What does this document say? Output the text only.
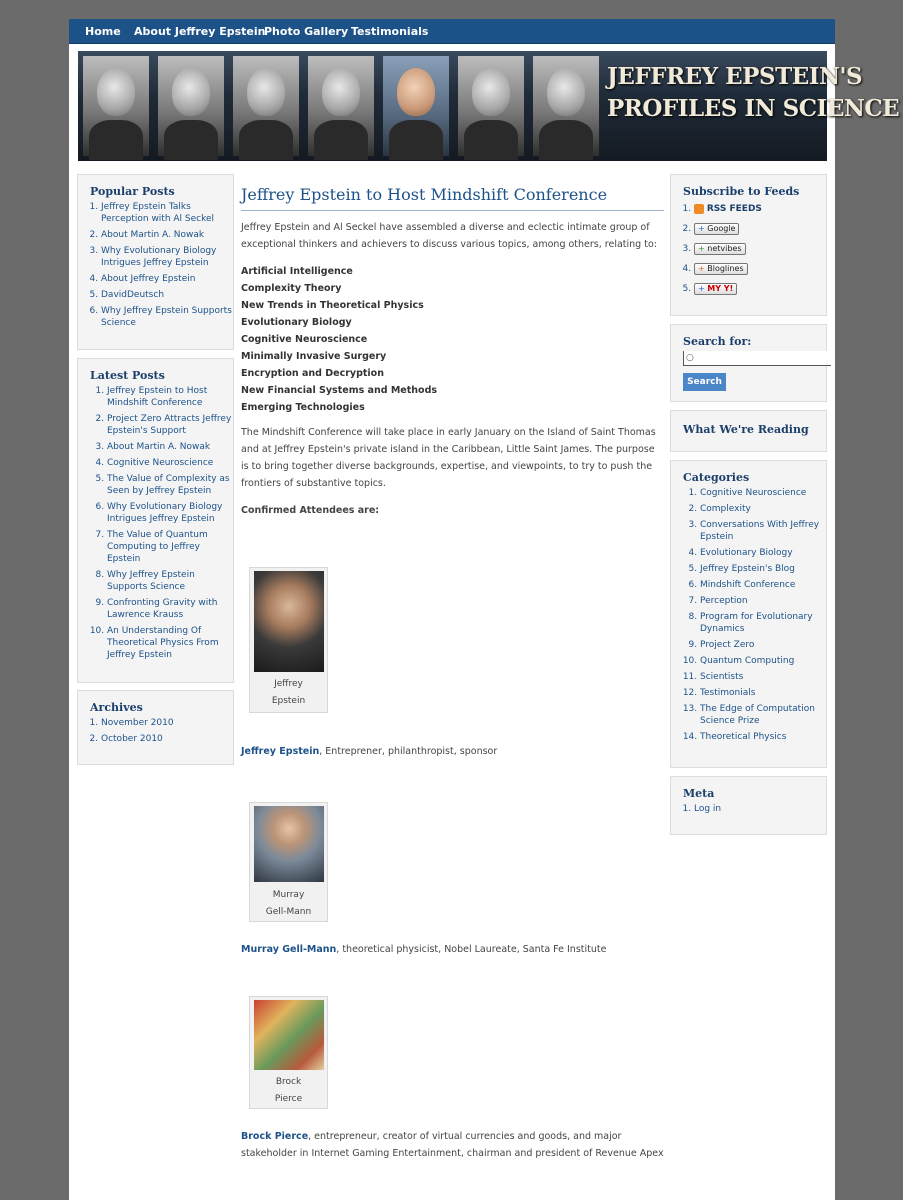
Home About Jeffrey Epstein
Photo Gallery Testimonials
JEFFREY EPSTEIN'S
PROFILES IN SCIENCE
Popular Posts
1. Jeffrey Epstein Talks Perception with Al Seckel
2. About Martin A. Nowak
3. Why Evolutionary Biology Intrigues Jeffrey Epstein
4. About Jeffrey Epstein
5. DavidDeutsch
6. Why Jeffrey Epstein Supports Science
Latest Posts
1. Jeffrey Epstein to Host Mindshift Conference
2. Project Zero Attracts Jeffrey Epstein's Support
3. About Martin A. Nowak
4. Cognitive Neuroscience
5. The Value of Complexity as Seen by Jeffrey Epstein
6. Why Evolutionary Biology Intrigues Jeffrey Epstein
7. The Value of Quantum Computing to Jeffrey Epstein
8. Why Jeffrey Epstein Supports Science
9. Confronting Gravity with Lawrence Krauss
10. An Understanding Of Theoretical Physics From Jeffrey Epstein
Archives
1. November 2010
2. October 2010
Jeffrey Epstein to Host Mindshift Conference

Jeffrey Epstein and Al Seckel have assembled a diverse and eclectic intimate group of exceptional thinkers and achievers to discuss various topics, among others, relating to:

Artificial Intelligence
Complexity Theory
New Trends in Theoretical Physics
Evolutionary Biology
Cognitive Neuroscience
Minimally Invasive Surgery
Encryption and Decryption
New Financial Systems and Methods
Emerging Technologies

The Mindshift Conference will take place in early January on the Island of Saint Thomas and at Jeffrey Epstein's private island in the Caribbean, Little Saint James. The purpose is to bring together diverse backgrounds, expertise, and viewpoints, to try to push the frontiers of substantive topics.

Confirmed Attendees are:

Jeffrey
Epstein
Jeffrey Epstein, Entreprener, philanthropist, sponsor
Murray
Gell-Mann
Murray Gell-Mann, theoretical physicist, Nobel Laureate, Santa Fe Institute
Brock
Pierce
Brock Pierce, entrepreneur, creator of virtual currencies and goods, and major stakeholder in Internet Gaming Entertainment, chairman and president of Revenue Apex
Subscribe to Feeds
1. RSS FEEDS
2. + Google
3. + netvibes
4. + Bloglines
5. + MY Y!
Search for:
○
Search
What We're Reading
Categories
1. Cognitive Neuroscience
2. Complexity
3. Conversations With Jeffrey Epstein
4. Evolutionary Biology
5. Jeffrey Epstein's Blog
6. Mindshift Conference
7. Perception
8. Program for Evolutionary Dynamics
9. Project Zero
10. Quantum Computing
11. Scientists
12. Testimonials
13. The Edge of Computation Science Prize
14. Theoretical Physics
Meta
1. Log in
